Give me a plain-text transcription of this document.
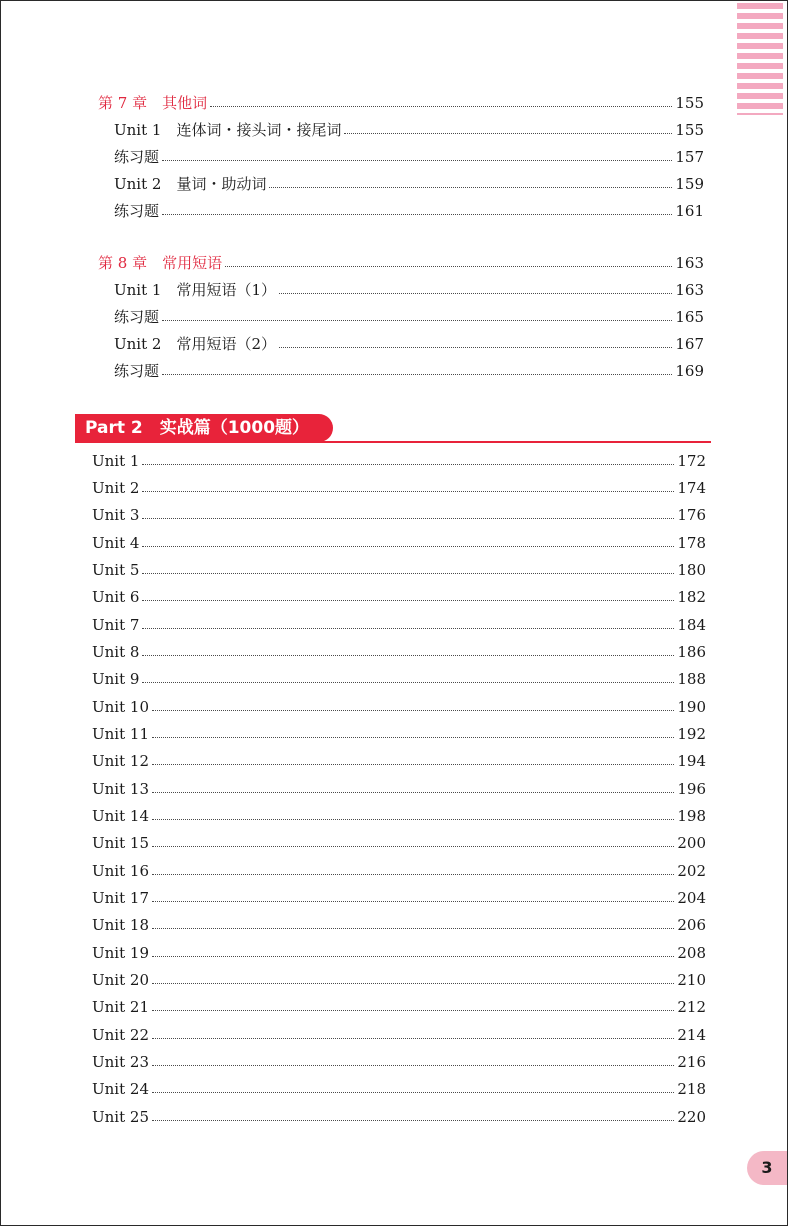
第 7 章　其他词	155
Unit 1　连体词・接头词・接尾词	155
练习题	157
Unit 2　量词・助动词	159
练习题	161
第 8 章　常用短语	163
Unit 1　常用短语（1）	163
练习题	165
Unit 2　常用短语（2）	167
练习题	169
Part 2　实战篇（1000题）
Unit 1	172
Unit 2	174
Unit 3	176
Unit 4	178
Unit 5	180
Unit 6	182
Unit 7	184
Unit 8	186
Unit 9	188
Unit 10	190
Unit 11	192
Unit 12	194
Unit 13	196
Unit 14	198
Unit 15	200
Unit 16	202
Unit 17	204
Unit 18	206
Unit 19	208
Unit 20	210
Unit 21	212
Unit 22	214
Unit 23	216
Unit 24	218
Unit 25	220
3
